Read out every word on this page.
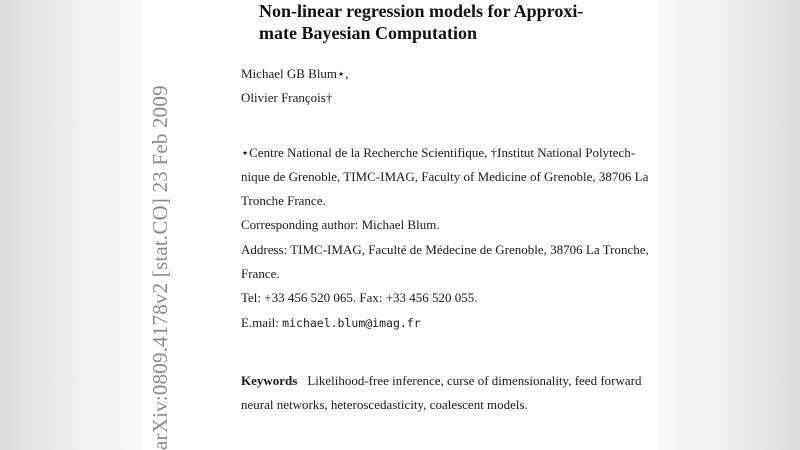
arXiv:0809.4178v2 [stat.CO] 23 Feb 2009
Non-linear regression models for Approxi-
mate Bayesian Computation
Michael GB Blum⋆,
Olivier François†
⋆Centre National de la Recherche Scientifique, †Institut National Polytech-
nique de Grenoble, TIMC-IMAG, Faculty of Medicine of Grenoble, 38706 La
Tronche France.
Corresponding author: Michael Blum.
Address: TIMC-IMAG, Faculté de Médecine de Grenoble, 38706 La Tronche,
France.
Tel: +33 456 520 065. Fax: +33 456 520 055.
E.mail: michael.blum@imag.fr
Keywords Likelihood-free inference, curse of dimensionality, feed forward
neural networks, heteroscedasticity, coalescent models.
